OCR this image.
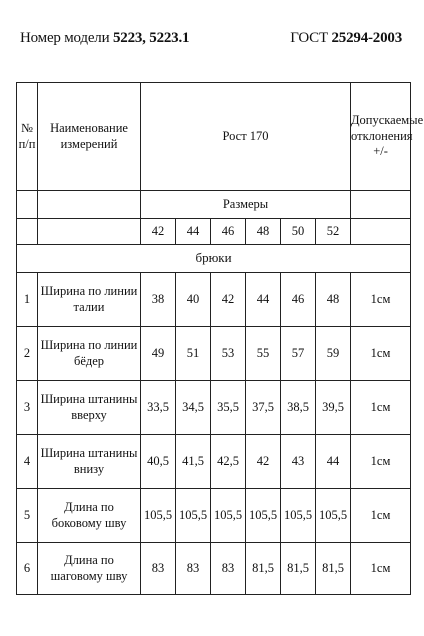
Номер модели 5223, 5223.1	ГОСТ 25294-2003
№ п/п	Наименование измерений	Рост 170						Допускаемые отклонения +/-
		Размеры						
		42	44	46	48	50	52	
брюки								
1	Ширина по линии талии	38	40	42	44	46	48	1см
2	Ширина по линии бёдер	49	51	53	55	57	59	1см
3	Ширина штанины вверху	33,5	34,5	35,5	37,5	38,5	39,5	1см
4	Ширина штанины внизу	40,5	41,5	42,5	42	43	44	1см
5	Длина по боковому шву	105,5	105,5	105,5	105,5	105,5	105,5	1см
6	Длина по шаговому шву	83	83	83	81,5	81,5	81,5	1см
